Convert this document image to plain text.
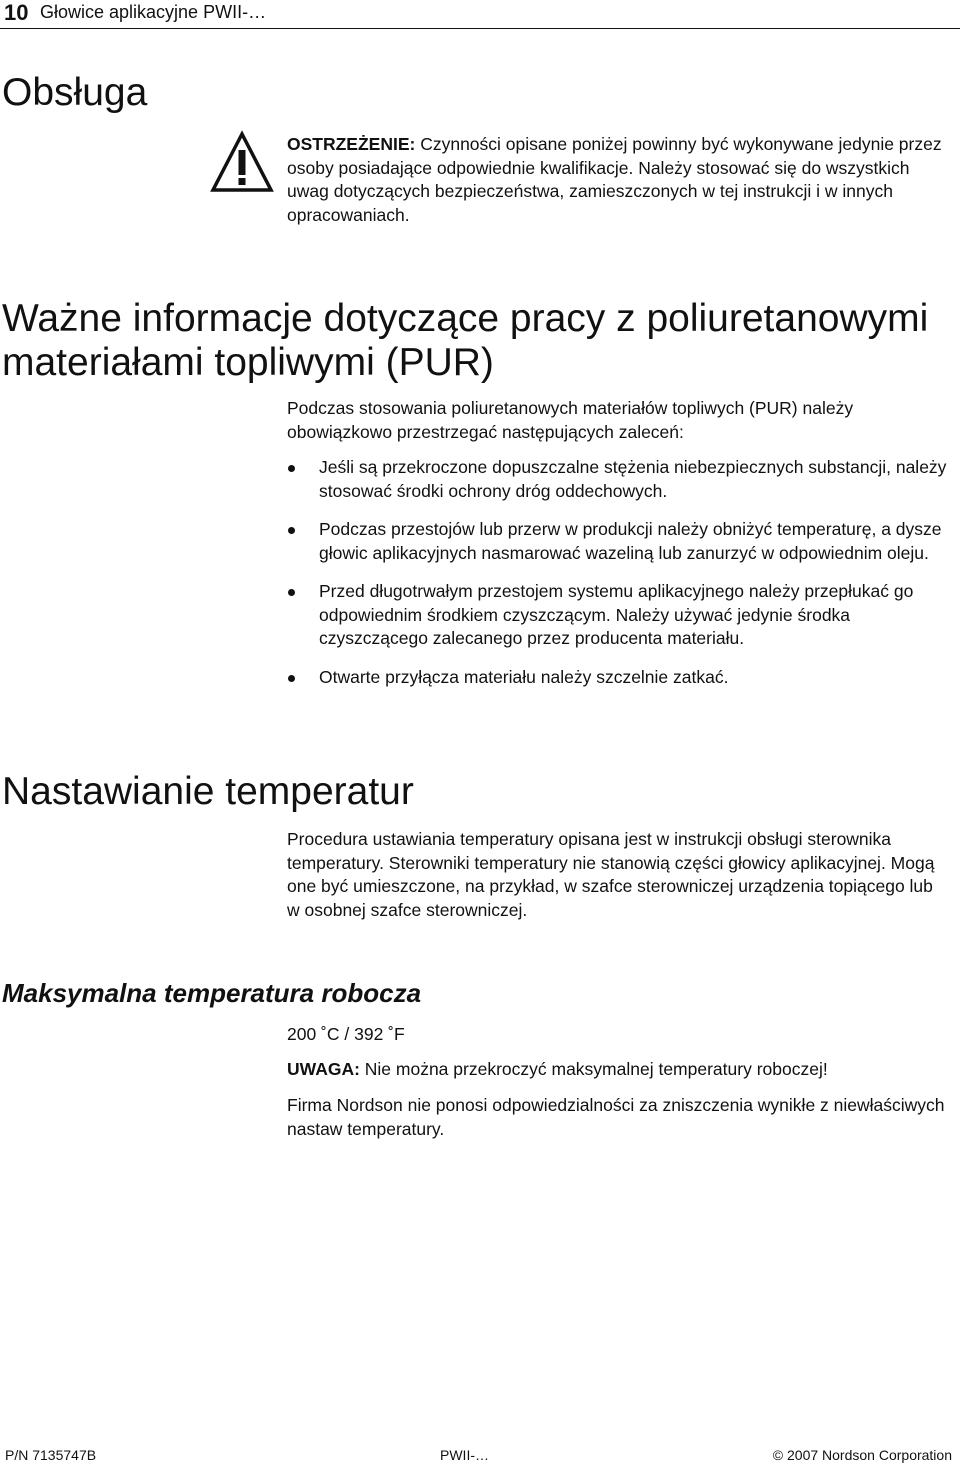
10 Głowice aplikacyjne PWII-…
Obsługa

OSTRZEŻENIE: Czynności opisane poniżej powinny być wykonywane jedynie przez osoby posiadające odpowiednie kwalifikacje. Należy stosować się do wszystkich uwag dotyczących bezpieczeństwa, zamieszczonych w tej instrukcji i w innych opracowaniach.

Ważne informacje dotyczące pracy z poliuretanowymi materiałami topliwymi (PUR)

Podczas stosowania poliuretanowych materiałów topliwych (PUR) należy obowiązkowo przestrzegać następujących zaleceń:

Jeśli są przekroczone dopuszczalne stężenia niebezpiecznych substancji, należy stosować środki ochrony dróg oddechowych.
Podczas przestojów lub przerw w produkcji należy obniżyć temperaturę, a dysze głowic aplikacyjnych nasmarować wazeliną lub zanurzyć w odpowiednim oleju.
Przed długotrwałym przestojem systemu aplikacyjnego należy przepłukać go odpowiednim środkiem czyszczącym. Należy używać jedynie środka czyszczącego zalecanego przez producenta materiału.
Otwarte przyłącza materiału należy szczelnie zatkać.
Nastawianie temperatur

Procedura ustawiania temperatury opisana jest w instrukcji obsługi sterownika temperatury. Sterowniki temperatury nie stanowią części głowicy aplikacyjnej. Mogą one być umieszczone, na przykład, w szafce sterowniczej urządzenia topiącego lub w osobnej szafce sterowniczej.

Maksymalna temperatura robocza

200 ˚C / 392 ˚F

UWAGA: Nie można przekroczyć maksymalnej temperatury roboczej!

Firma Nordson nie ponosi odpowiedzialności za zniszczenia wynikłe z niewłaściwych nastaw temperatury.

P/N 7135747B	PWII-…	© 2007 Nordson Corporation
